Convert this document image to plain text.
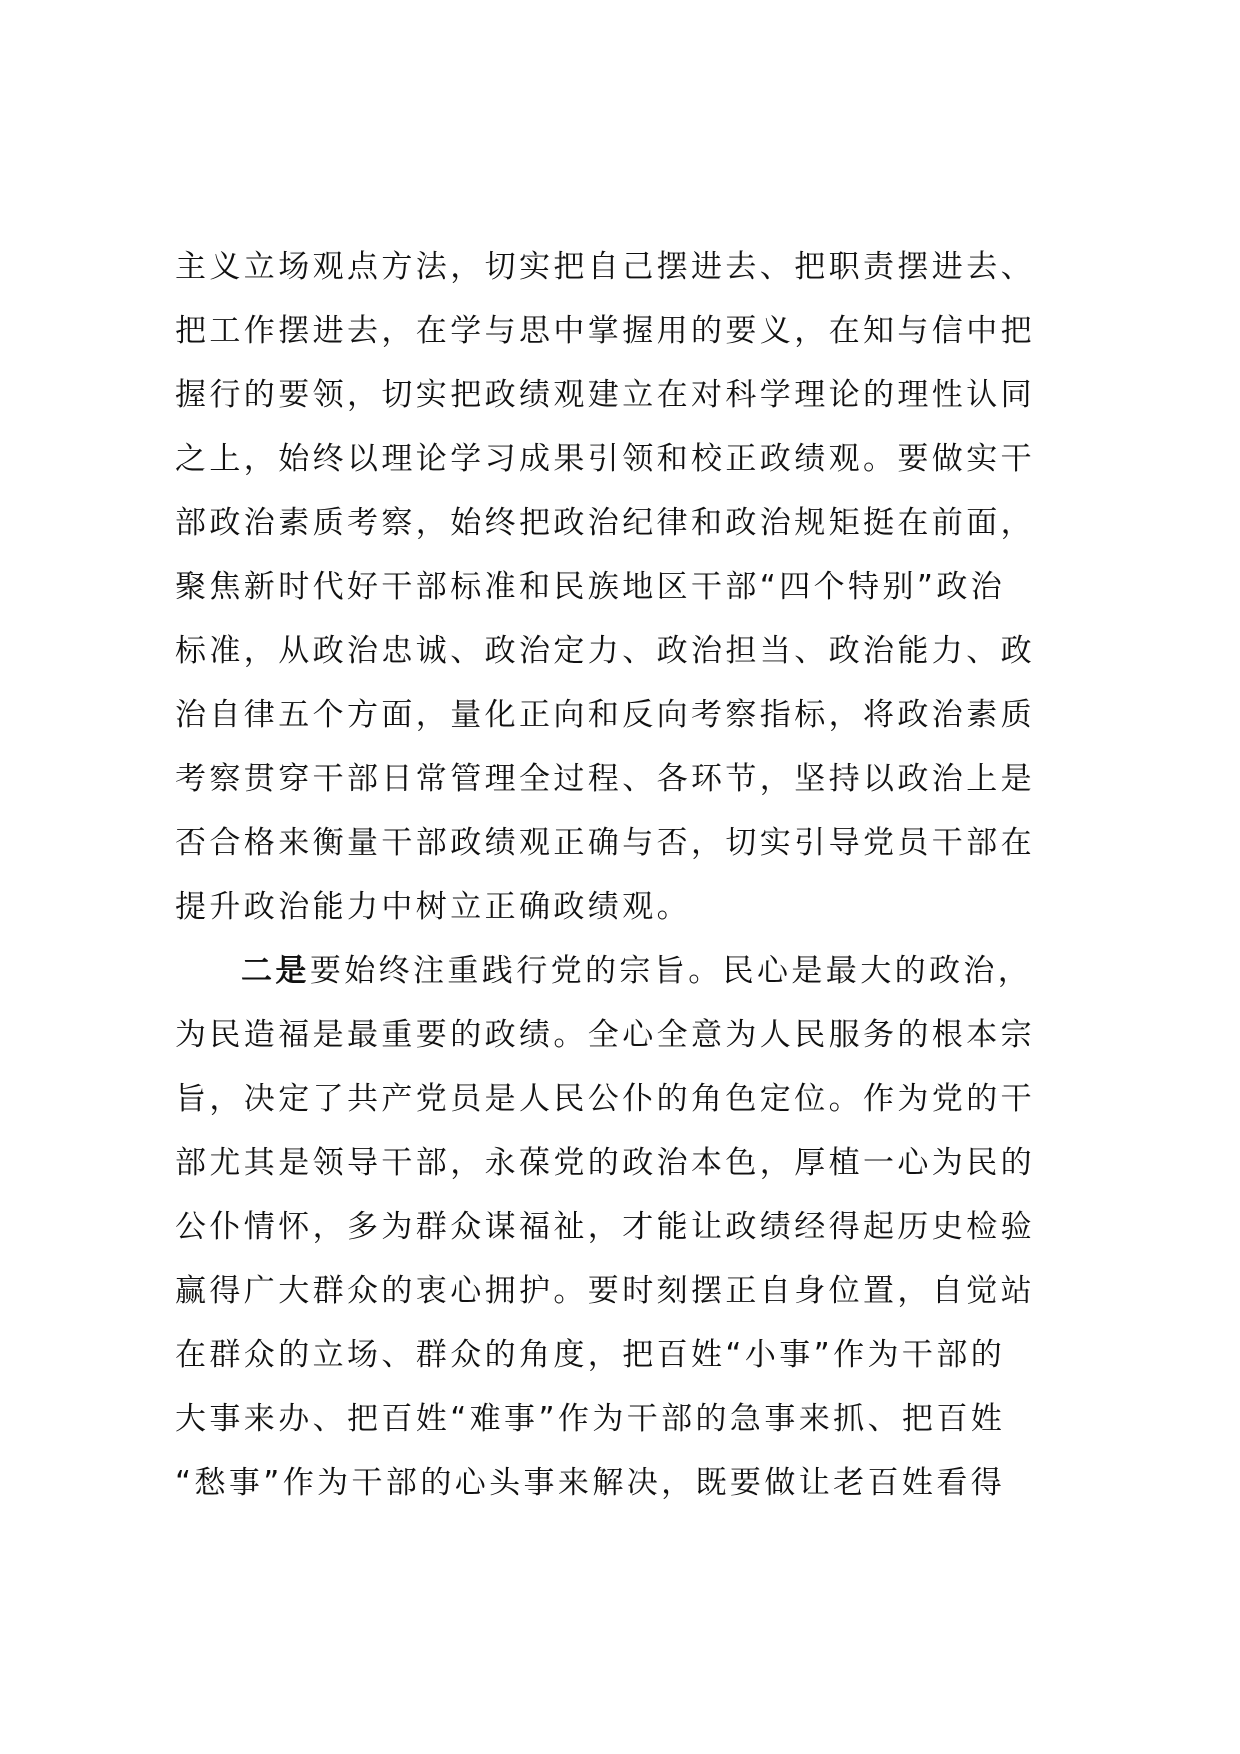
主义立场观点方法，切实把自己摆进去、把职责摆进去、
把工作摆进去，在学与思中掌握用的要义，在知与信中把
握行的要领，切实把政绩观建立在对科学理论的理性认同
之上，始终以理论学习成果引领和校正政绩观。要做实干
部政治素质考察，始终把政治纪律和政治规矩挺在前面，
聚焦新时代好干部标准和民族地区干部“四个特别”政治
标准，从政治忠诚、政治定力、政治担当、政治能力、政
治自律五个方面，量化正向和反向考察指标，将政治素质
考察贯穿干部日常管理全过程、各环节，坚持以政治上是
否合格来衡量干部政绩观正确与否，切实引导党员干部在
提升政治能力中树立正确政绩观。
二是要始终注重践行党的宗旨。民心是最大的政治，
为民造福是最重要的政绩。全心全意为人民服务的根本宗
旨，决定了共产党员是人民公仆的角色定位。作为党的干
部尤其是领导干部，永葆党的政治本色，厚植一心为民的
公仆情怀，多为群众谋福祉，才能让政绩经得起历史检验
赢得广大群众的衷心拥护。要时刻摆正自身位置，自觉站
在群众的立场、群众的角度，把百姓“小事”作为干部的
大事来办、把百姓“难事”作为干部的急事来抓、把百姓
“愁事”作为干部的心头事来解决，既要做让老百姓看得
